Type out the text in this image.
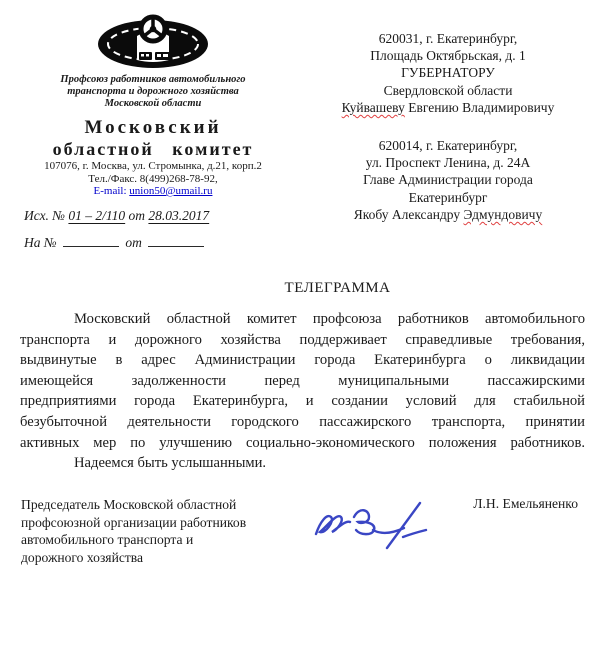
Профсоюз работников автомобильного
транспорта и дорожного хозяйства
Московской области
Московский
областной комитет
107076, г. Москва, ул. Стромынка, д.21, корп.2
Тел./Факс. 8(499)268-78-92,
E-mail: union50@umail.ru
Исх. № 01 – 2/110 от 28.03.2017
На №	от
620031, г. Екатеринбург,
Площадь Октябрьская, д. 1
ГУБЕРНАТОРУ
Свердловской области
Куйвашеву Евгению Владимировичу
620014, г. Екатеринбург,
ул. Проспект Ленина, д. 24А
Главе Администрации города
Екатеринбург
Якобу Александру Эдмундовичу
ТЕЛЕГРАММА
Московский областной комитет профсоюза работников автомобильного
транспорта и дорожного хозяйства поддерживает справедливые требования,
выдвинутые в адрес Администрации города Екатеринбурга о ликвидации
имеющейся задолженности перед муниципальными пассажирскими
предприятиями города Екатеринбурга, и создании условий для стабильной
безубыточной деятельности городского пассажирского транспорта, принятии
активных мер по улучшению социально-экономического положения работников.
Надеемся быть услышанными.
Председатель Московской областной
профсоюзной организации работников
автомобильного транспорта и
дорожного хозяйства
Л.Н. Емельяненко
